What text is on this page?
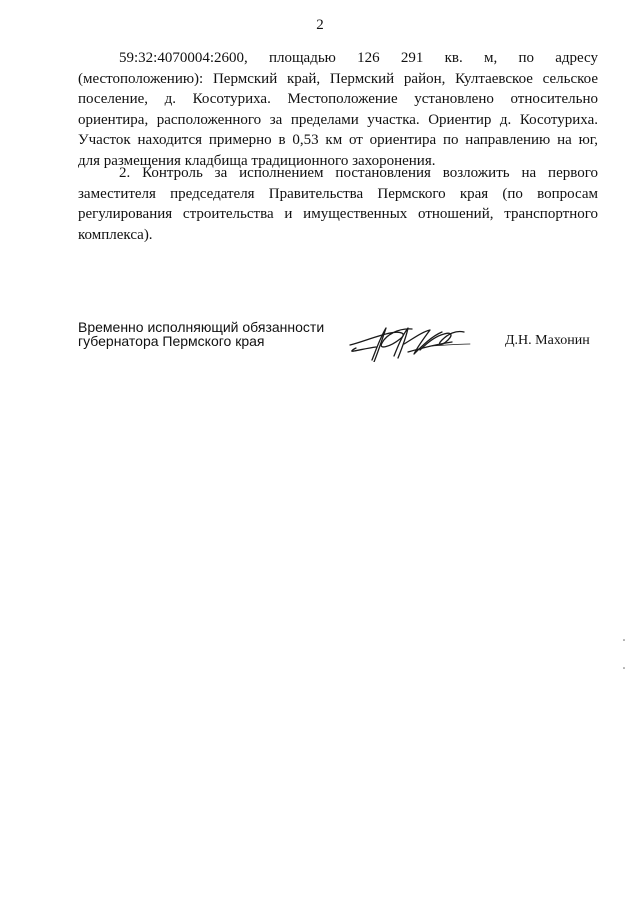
2
59:32:4070004:2600, площадью 126 291 кв. м, по адресу
(местоположению): Пермский край, Пермский район, Култаевское сельское
поселение, д. Косотуриха. Местоположение установлено относительно
ориентира, расположенного за пределами участка. Ориентир д. Косотуриха.
Участок находится примерно в 0,53 км от ориентира по направлению на юг,
для размещения кладбища традиционного захоронения.
2. Контроль за исполнением постановления возложить на первого
заместителя председателя Правительства Пермского края (по вопросам
регулирования строительства и имущественных отношений, транспортного
комплекса).
Временно исполняющий обязанности
губернатора Пермского края	Д.Н. Махонин
